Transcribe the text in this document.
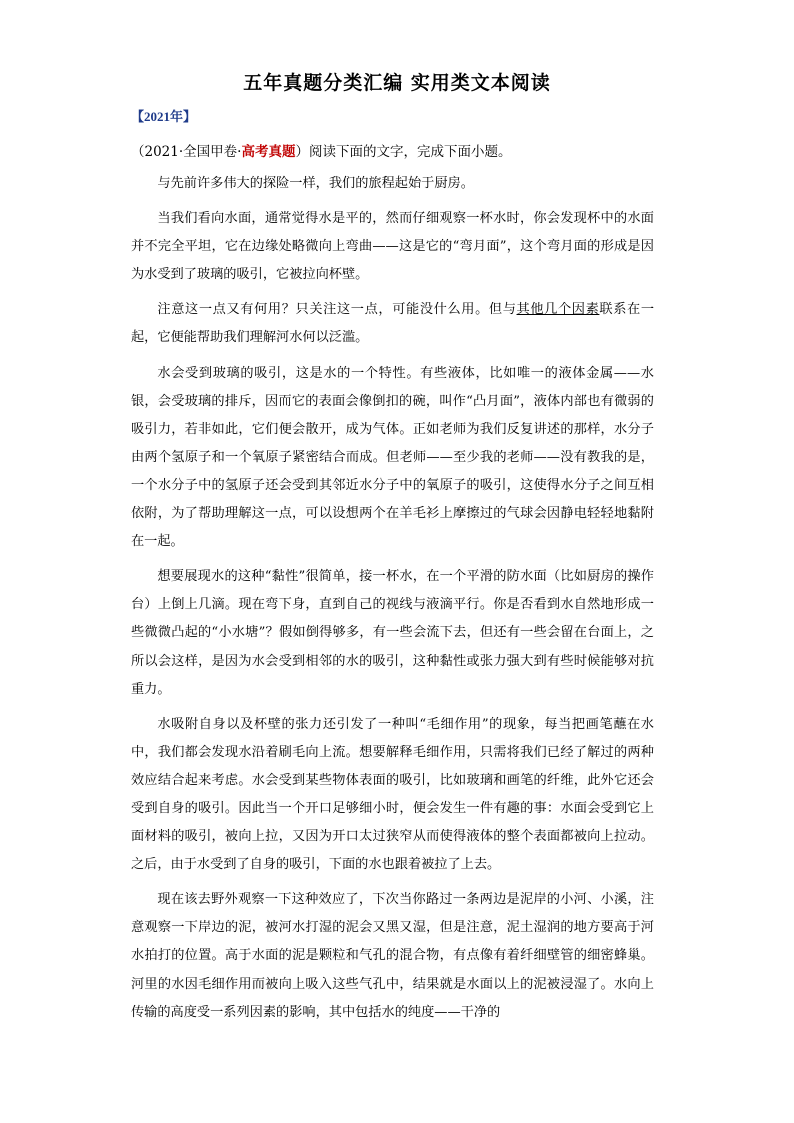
五年真题分类汇编 实用类文本阅读
【2021年】
（2021·全国甲卷·高考真题）阅读下面的文字，完成下面小题。

与先前许多伟大的探险一样，我们的旅程起始于厨房。

当我们看向水面，通常觉得水是平的，然而仔细观察一杯水时，你会发现杯中的水面并不完全平坦，它在边缘处略微向上弯曲——这是它的“弯月面”，这个弯月面的形成是因为水受到了玻璃的吸引，它被拉向杯壁。

注意这一点又有何用？只关注这一点，可能没什么用。但与其他几个因素联系在一起，它便能帮助我们理解河水何以泛滥。

水会受到玻璃的吸引，这是水的一个特性。有些液体，比如唯一的液体金属——水银，会受玻璃的排斥，因而它的表面会像倒扣的碗，叫作“凸月面”，液体内部也有微弱的吸引力，若非如此，它们便会散开，成为气体。正如老师为我们反复讲述的那样，水分子由两个氢原子和一个氧原子紧密结合而成。但老师——至少我的老师——没有教我的是，一个水分子中的氢原子还会受到其邻近水分子中的氧原子的吸引，这使得水分子之间互相依附，为了帮助理解这一点，可以设想两个在羊毛衫上摩擦过的气球会因静电轻轻地黏附在一起。

想要展现水的这种“黏性”很简单，接一杯水，在一个平滑的防水面（比如厨房的操作台）上倒上几滴。现在弯下身，直到自己的视线与液滴平行。你是否看到水自然地形成一些微微凸起的“小水塘”？假如倒得够多，有一些会流下去，但还有一些会留在台面上，之所以会这样，是因为水会受到相邻的水的吸引，这种黏性或张力强大到有些时候能够对抗重力。

水吸附自身以及杯壁的张力还引发了一种叫“毛细作用”的现象，每当把画笔蘸在水中，我们都会发现水沿着刷毛向上流。想要解释毛细作用，只需将我们已经了解过的两种效应结合起来考虑。水会受到某些物体表面的吸引，比如玻璃和画笔的纤维，此外它还会受到自身的吸引。因此当一个开口足够细小时，便会发生一件有趣的事：水面会受到它上面材料的吸引，被向上拉，又因为开口太过狭窄从而使得液体的整个表面都被向上拉动。之后，由于水受到了自身的吸引，下面的水也跟着被拉了上去。

现在该去野外观察一下这种效应了，下次当你路过一条两边是泥岸的小河、小溪，注意观察一下岸边的泥，被河水打湿的泥会又黑又湿，但是注意，泥土湿润的地方要高于河水拍打的位置。高于水面的泥是颗粒和气孔的混合物，有点像有着纤细壁管的细密蜂巢。河里的水因毛细作用而被向上吸入这些气孔中，结果就是水面以上的泥被浸湿了。水向上传输的高度受一系列因素的影响，其中包括水的纯度——干净的
